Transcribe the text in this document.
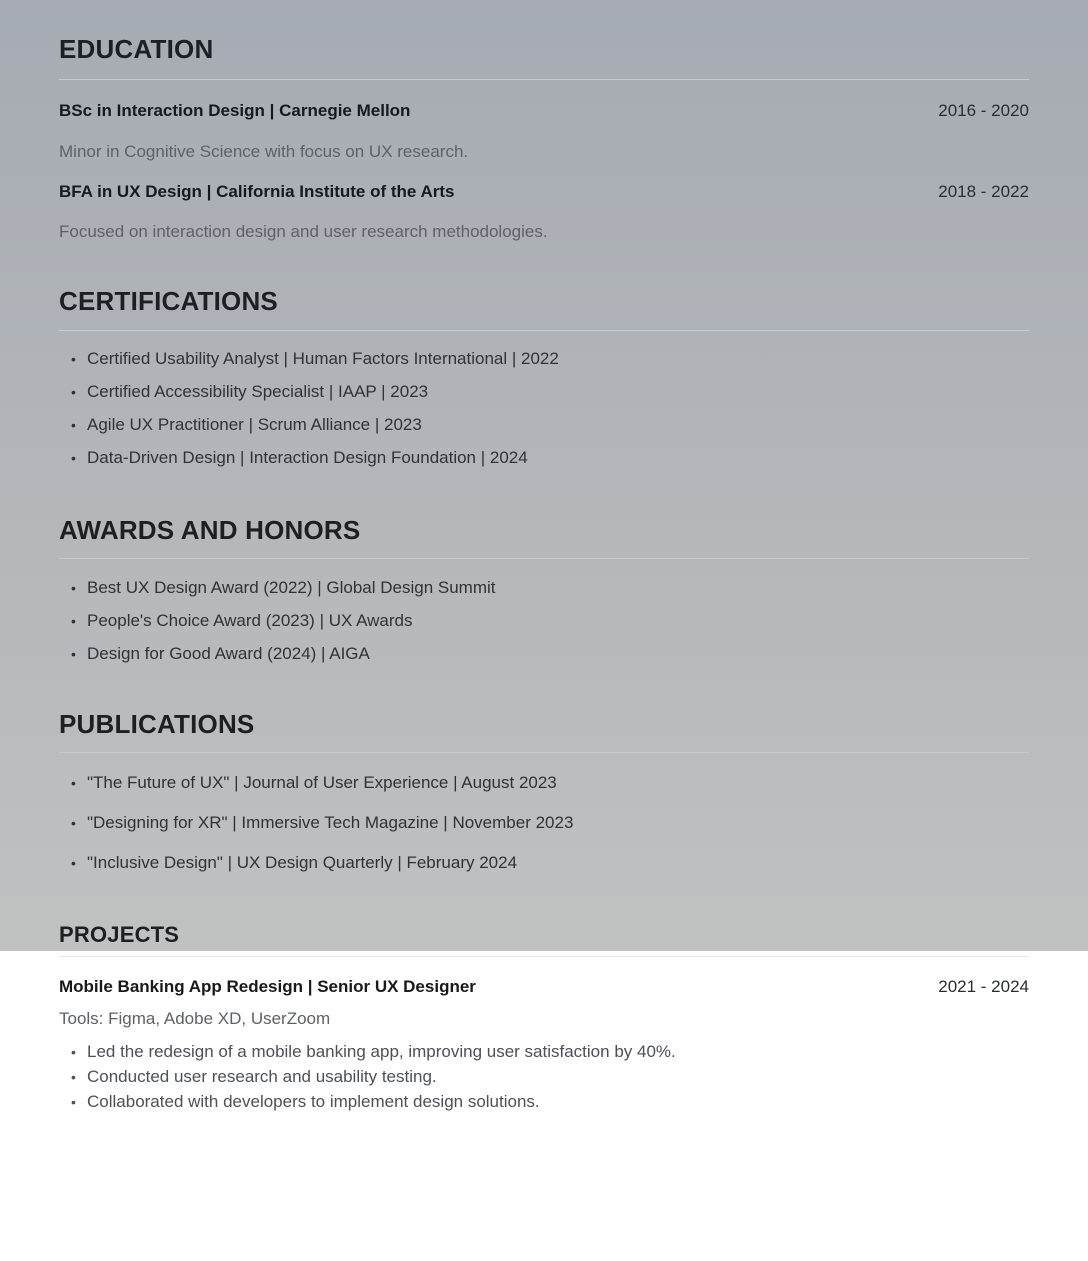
EDUCATION
BSc in Interaction Design | Carnegie Mellon	2016 - 2020
Minor in Cognitive Science with focus on UX research.
BFA in UX Design | California Institute of the Arts	2018 - 2022
Focused on interaction design and user research methodologies.
CERTIFICATIONS
•
Certified Usability Analyst | Human Factors International | 2022
•
Certified Accessibility Specialist | IAAP | 2023
•
Agile UX Practitioner | Scrum Alliance | 2023
•
Data-Driven Design | Interaction Design Foundation | 2024
AWARDS AND HONORS
•
Best UX Design Award (2022) | Global Design Summit
•
People's Choice Award (2023) | UX Awards
•
Design for Good Award (2024) | AIGA
PUBLICATIONS
•
"The Future of UX" | Journal of User Experience | August 2023
•
"Designing for XR" | Immersive Tech Magazine | November 2023
•
"Inclusive Design" | UX Design Quarterly | February 2024
PROJECTS
Mobile Banking App Redesign | Senior UX Designer	2021 - 2024
Tools: Figma, Adobe XD, UserZoom
•
Led the redesign of a mobile banking app, improving user satisfaction by 40%.
•
Conducted user research and usability testing.
•
Collaborated with developers to implement design solutions.
